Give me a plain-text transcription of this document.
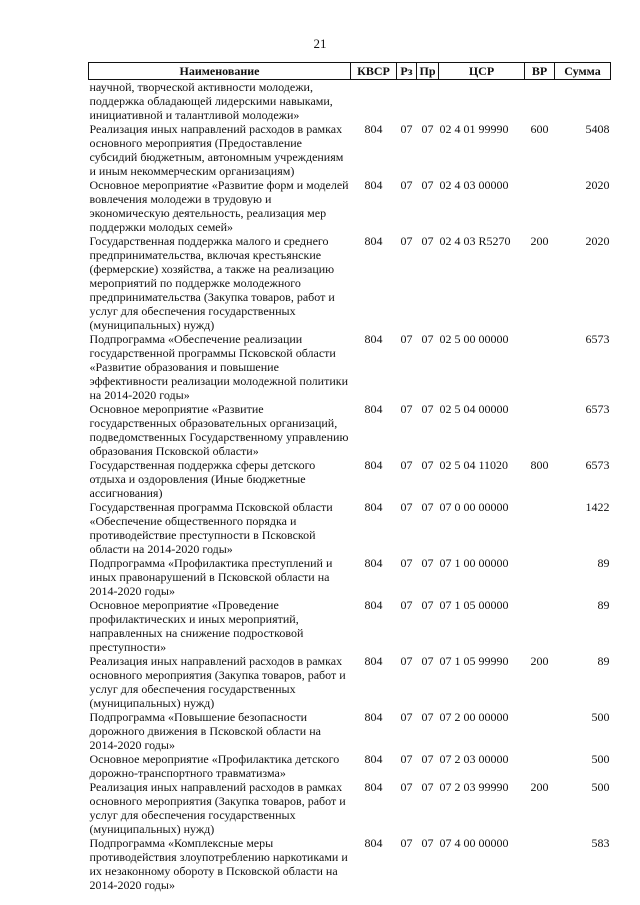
21
Наименование	КВСР	Рз	Пр	ЦСР	ВР	Сумма
научной, творческой активности молодежи, поддержка обладающей лидерскими навыками, инициативной и талантливой молодежи»						
Реализация иных направлений расходов в рамках основного мероприятия (Предоставление субсидий бюджетным, автономным учреждениям и иным некоммерческим организациям)	804	07	07	02 4 01 99990	600	5408
Основное мероприятие «Развитие форм и моделей вовлечения молодежи в трудовую и экономическую деятельность, реализация мер поддержки молодых семей»	804	07	07	02 4 03 00000		2020
Государственная поддержка малого и среднего предпринимательства, включая крестьянские (фермерские) хозяйства, а также на реализацию мероприятий по поддержке молодежного предпринимательства (Закупка товаров, работ и услуг для обеспечения государственных (муниципальных) нужд)	804	07	07	02 4 03 R5270	200	2020
Подпрограмма «Обеспечение реализации государственной программы Псковской области «Развитие образования и повышение эффективности реализации молодежной политики на 2014-2020 годы»	804	07	07	02 5 00 00000		6573
Основное мероприятие «Развитие государственных образовательных организаций, подведомственных Государственному управлению образования Псковской области»	804	07	07	02 5 04 00000		6573
Государственная поддержка сферы детского отдыха и оздоровления (Иные бюджетные ассигнования)	804	07	07	02 5 04 11020	800	6573
Государственная программа Псковской области «Обеспечение общественного порядка и противодействие преступности в Псковской области на 2014-2020 годы»	804	07	07	07 0 00 00000		1422
Подпрограмма «Профилактика преступлений и иных правонарушений в Псковской области на 2014-2020 годы»	804	07	07	07 1 00 00000		89
Основное мероприятие «Проведение профилактических и иных мероприятий, направленных на снижение подростковой преступности»	804	07	07	07 1 05 00000		89
Реализация иных направлений расходов в рамках основного мероприятия (Закупка товаров, работ и услуг для обеспечения государственных (муниципальных) нужд)	804	07	07	07 1 05 99990	200	89
Подпрограмма «Повышение безопасности дорожного движения в Псковской области на 2014-2020 годы»	804	07	07	07 2 00 00000		500
Основное мероприятие «Профилактика детского дорожно-транспортного травматизма»	804	07	07	07 2 03 00000		500
Реализация иных направлений расходов в рамках основного мероприятия (Закупка товаров, работ и услуг для обеспечения государственных (муниципальных) нужд)	804	07	07	07 2 03 99990	200	500
Подпрограмма «Комплексные меры противодействия злоупотреблению наркотиками и их незаконному обороту в Псковской области на 2014-2020 годы»	804	07	07	07 4 00 00000		583
